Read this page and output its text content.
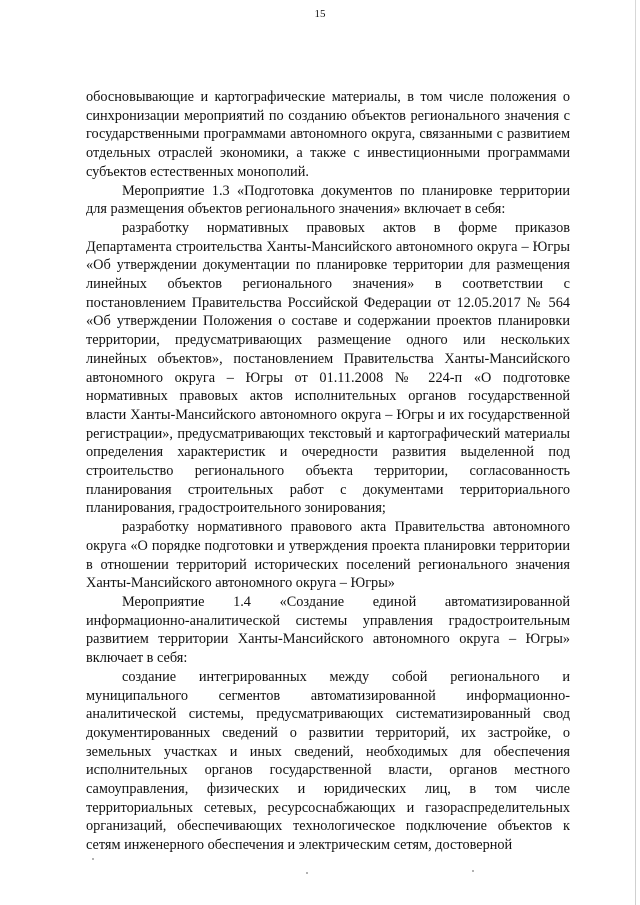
15

обосновывающие и картографические материалы, в том числе положения о синхронизации мероприятий по созданию объектов регионального значения с государственными программами автономного округа, связанными с развитием отдельных отраслей экономики, а также с инвестиционными программами субъектов естественных монополий.

Мероприятие 1.3 «Подготовка документов по планировке территории для размещения объектов регионального значения» включает в себя:

разработку нормативных правовых актов в форме приказов Департамента строительства Ханты-Мансийского автономного округа – Югры «Об утверждении документации по планировке территории для размещения линейных объектов регионального значения» в соответствии с постановлением Правительства Российской Федерации от 12.05.2017 № 564 «Об утверждении Положения о составе и содержании проектов планировки территории, предусматривающих размещение одного или нескольких линейных объектов», постановлением Правительства Ханты-Мансийского автономного округа – Югры от 01.11.2008 № 224-п «О подготовке нормативных правовых актов исполнительных органов государственной власти Ханты-Мансийского автономного округа – Югры и их государственной регистрации», предусматривающих текстовый и картографический материалы определения характеристик и очередности развития выделенной под строительство регионального объекта территории, согласованность планирования строительных работ с документами территориального планирования, градостроительного зонирования;

разработку нормативного правового акта Правительства автономного округа «О порядке подготовки и утверждения проекта планировки территории в отношении территорий исторических поселений регионального значения Ханты-Мансийского автономного округа – Югры»

Мероприятие 1.4 «Создание единой автоматизированной информационно-аналитической системы управления градостроительным развитием территории Ханты-Мансийского автономного округа – Югры» включает в себя:

создание интегрированных между собой регионального и муниципального сегментов автоматизированной информационно-аналитической системы, предусматривающих систематизированный свод документированных сведений о развитии территорий, их застройке, о земельных участках и иных сведений, необходимых для обеспечения исполнительных органов государственной власти, органов местного самоуправления, физических и юридических лиц, в том числе территориальных сетевых, ресурсоснабжающих и газораспределительных организаций, обеспечивающих технологическое подключение объектов к сетям инженерного обеспечения и электрическим сетям, достоверной
